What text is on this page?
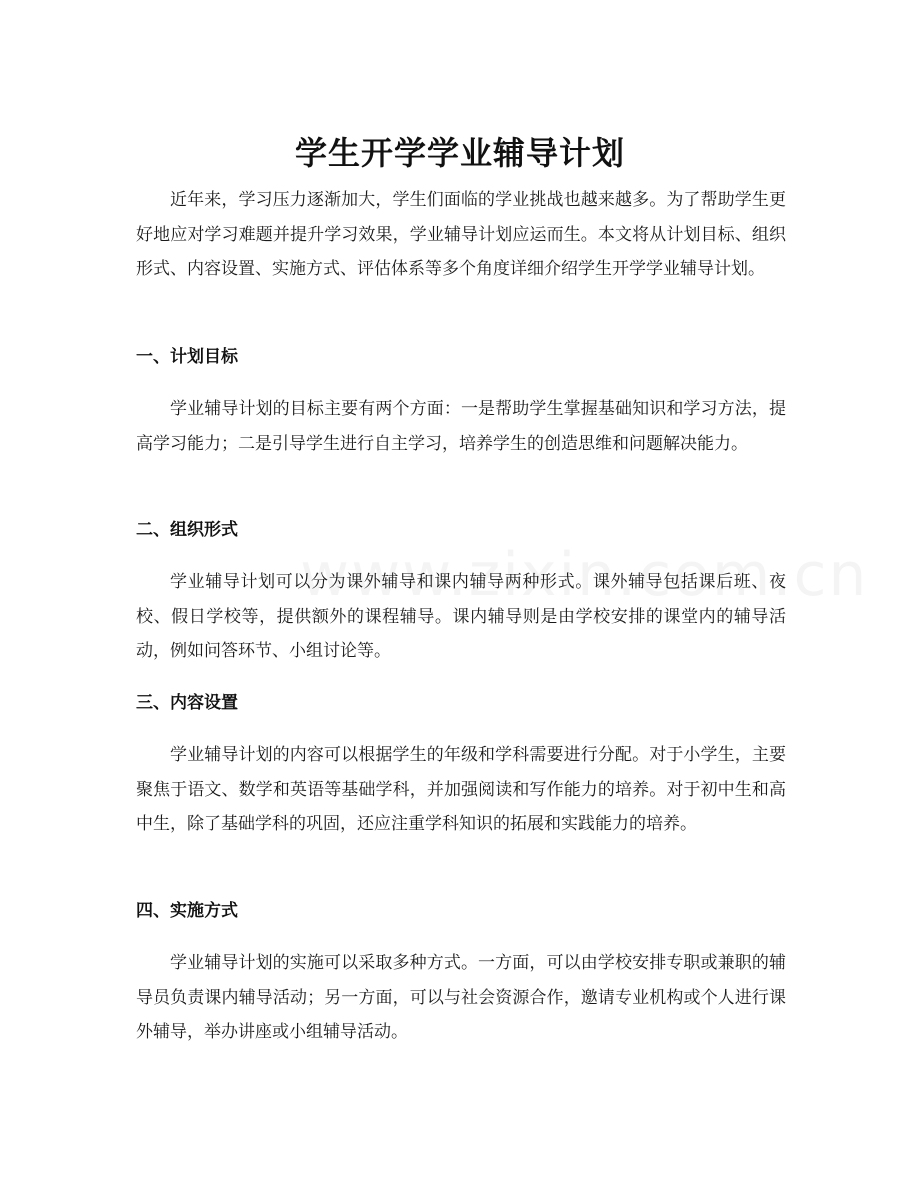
学生开学学业辅导计划

近年来，学习压力逐渐加大，学生们面临的学业挑战也越来越多。为了帮助学生更好地应对学习难题并提升学习效果，学业辅导计划应运而生。本文将从计划目标、组织形式、内容设置、实施方式、评估体系等多个角度详细介绍学生开学学业辅导计划。

一、计划目标

学业辅导计划的目标主要有两个方面：一是帮助学生掌握基础知识和学习方法，提高学习能力；二是引导学生进行自主学习，培养学生的创造思维和问题解决能力。

二、组织形式

学业辅导计划可以分为课外辅导和课内辅导两种形式。课外辅导包括课后班、夜校、假日学校等，提供额外的课程辅导。课内辅导则是由学校安排的课堂内的辅导活动，例如问答环节、小组讨论等。

三、内容设置

学业辅导计划的内容可以根据学生的年级和学科需要进行分配。对于小学生，主要聚焦于语文、数学和英语等基础学科，并加强阅读和写作能力的培养。对于初中生和高中生，除了基础学科的巩固，还应注重学科知识的拓展和实践能力的培养。

四、实施方式

学业辅导计划的实施可以采取多种方式。一方面，可以由学校安排专职或兼职的辅导员负责课内辅导活动；另一方面，可以与社会资源合作，邀请专业机构或个人进行课外辅导，举办讲座或小组辅导活动。
